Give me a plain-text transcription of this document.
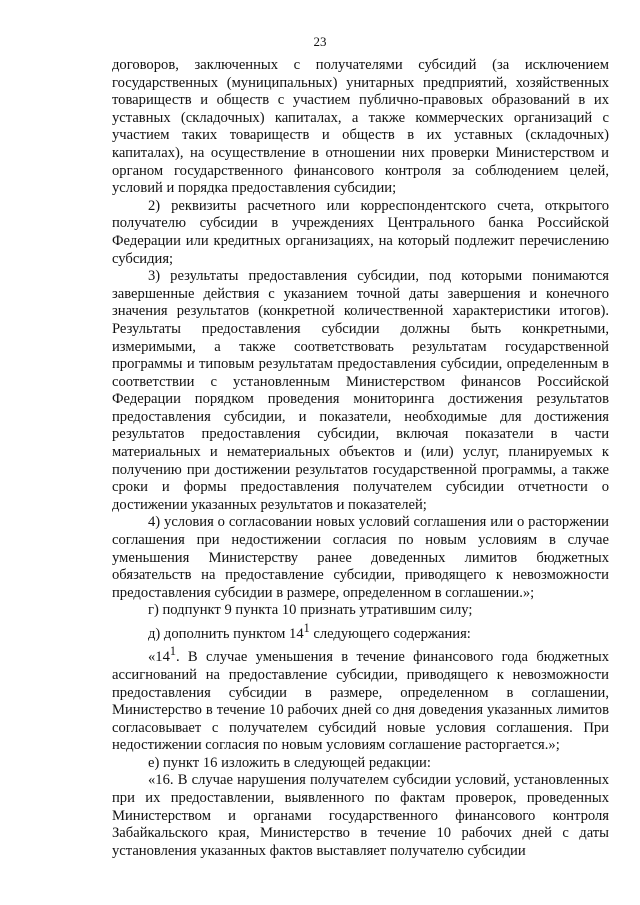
23

договоров, заключенных с получателями субсидий (за исключением государственных (муниципальных) унитарных предприятий, хозяйственных товариществ и обществ с участием публично-правовых образований в их уставных (складочных) капиталах, а также коммерческих организаций с участием таких товариществ и обществ в их уставных (складочных) капиталах), на осуществление в отношении них проверки Министерством и органом государственного финансового контроля за соблюдением целей, условий и порядка предоставления субсидии;

2) реквизиты расчетного или корреспондентского счета, открытого получателю субсидии в учреждениях Центрального банка Российской Федерации или кредитных организациях, на который подлежит перечислению субсидия;

3) результаты предоставления субсидии, под которыми понимаются завершенные действия с указанием точной даты завершения и конечного значения результатов (конкретной количественной характеристики итогов). Результаты предоставления субсидии должны быть конкретными, измеримыми, а также соответствовать результатам государственной программы и типовым результатам предоставления субсидии, определенным в соответствии с установленным Министерством финансов Российской Федерации порядком проведения мониторинга достижения результатов предоставления субсидии, и показатели, необходимые для достижения результатов предоставления субсидии, включая показатели в части материальных и нематериальных объектов и (или) услуг, планируемых к получению при достижении результатов государственной программы, а также сроки и формы предоставления получателем субсидии отчетности о достижении указанных результатов и показателей;

4) условия о согласовании новых условий соглашения или о расторжении соглашения при недостижении согласия по новым условиям в случае уменьшения Министерству ранее доведенных лимитов бюджетных обязательств на предоставление субсидии, приводящего к невозможности предоставления субсидии в размере, определенном в соглашении.»;

г) подпункт 9 пункта 10 признать утратившим силу;

д) дополнить пунктом $14^1$ следующего содержания:

«$14^1$. В случае уменьшения в течение финансового года бюджетных ассигнований на предоставление субсидии, приводящего к невозможности предоставления субсидии в размере, определенном в соглашении, Министерство в течение 10 рабочих дней со дня доведения указанных лимитов согласовывает с получателем субсидий новые условия соглашения. При недостижении согласия по новым условиям соглашение расторгается.»;

е) пункт 16 изложить в следующей редакции:

«16. В случае нарушения получателем субсидии условий, установленных при их предоставлении, выявленного по фактам проверок, проведенных Министерством и органами государственного финансового контроля Забайкальского края, Министерство в течение 10 рабочих дней с даты установления указанных фактов выставляет получателю субсидии
